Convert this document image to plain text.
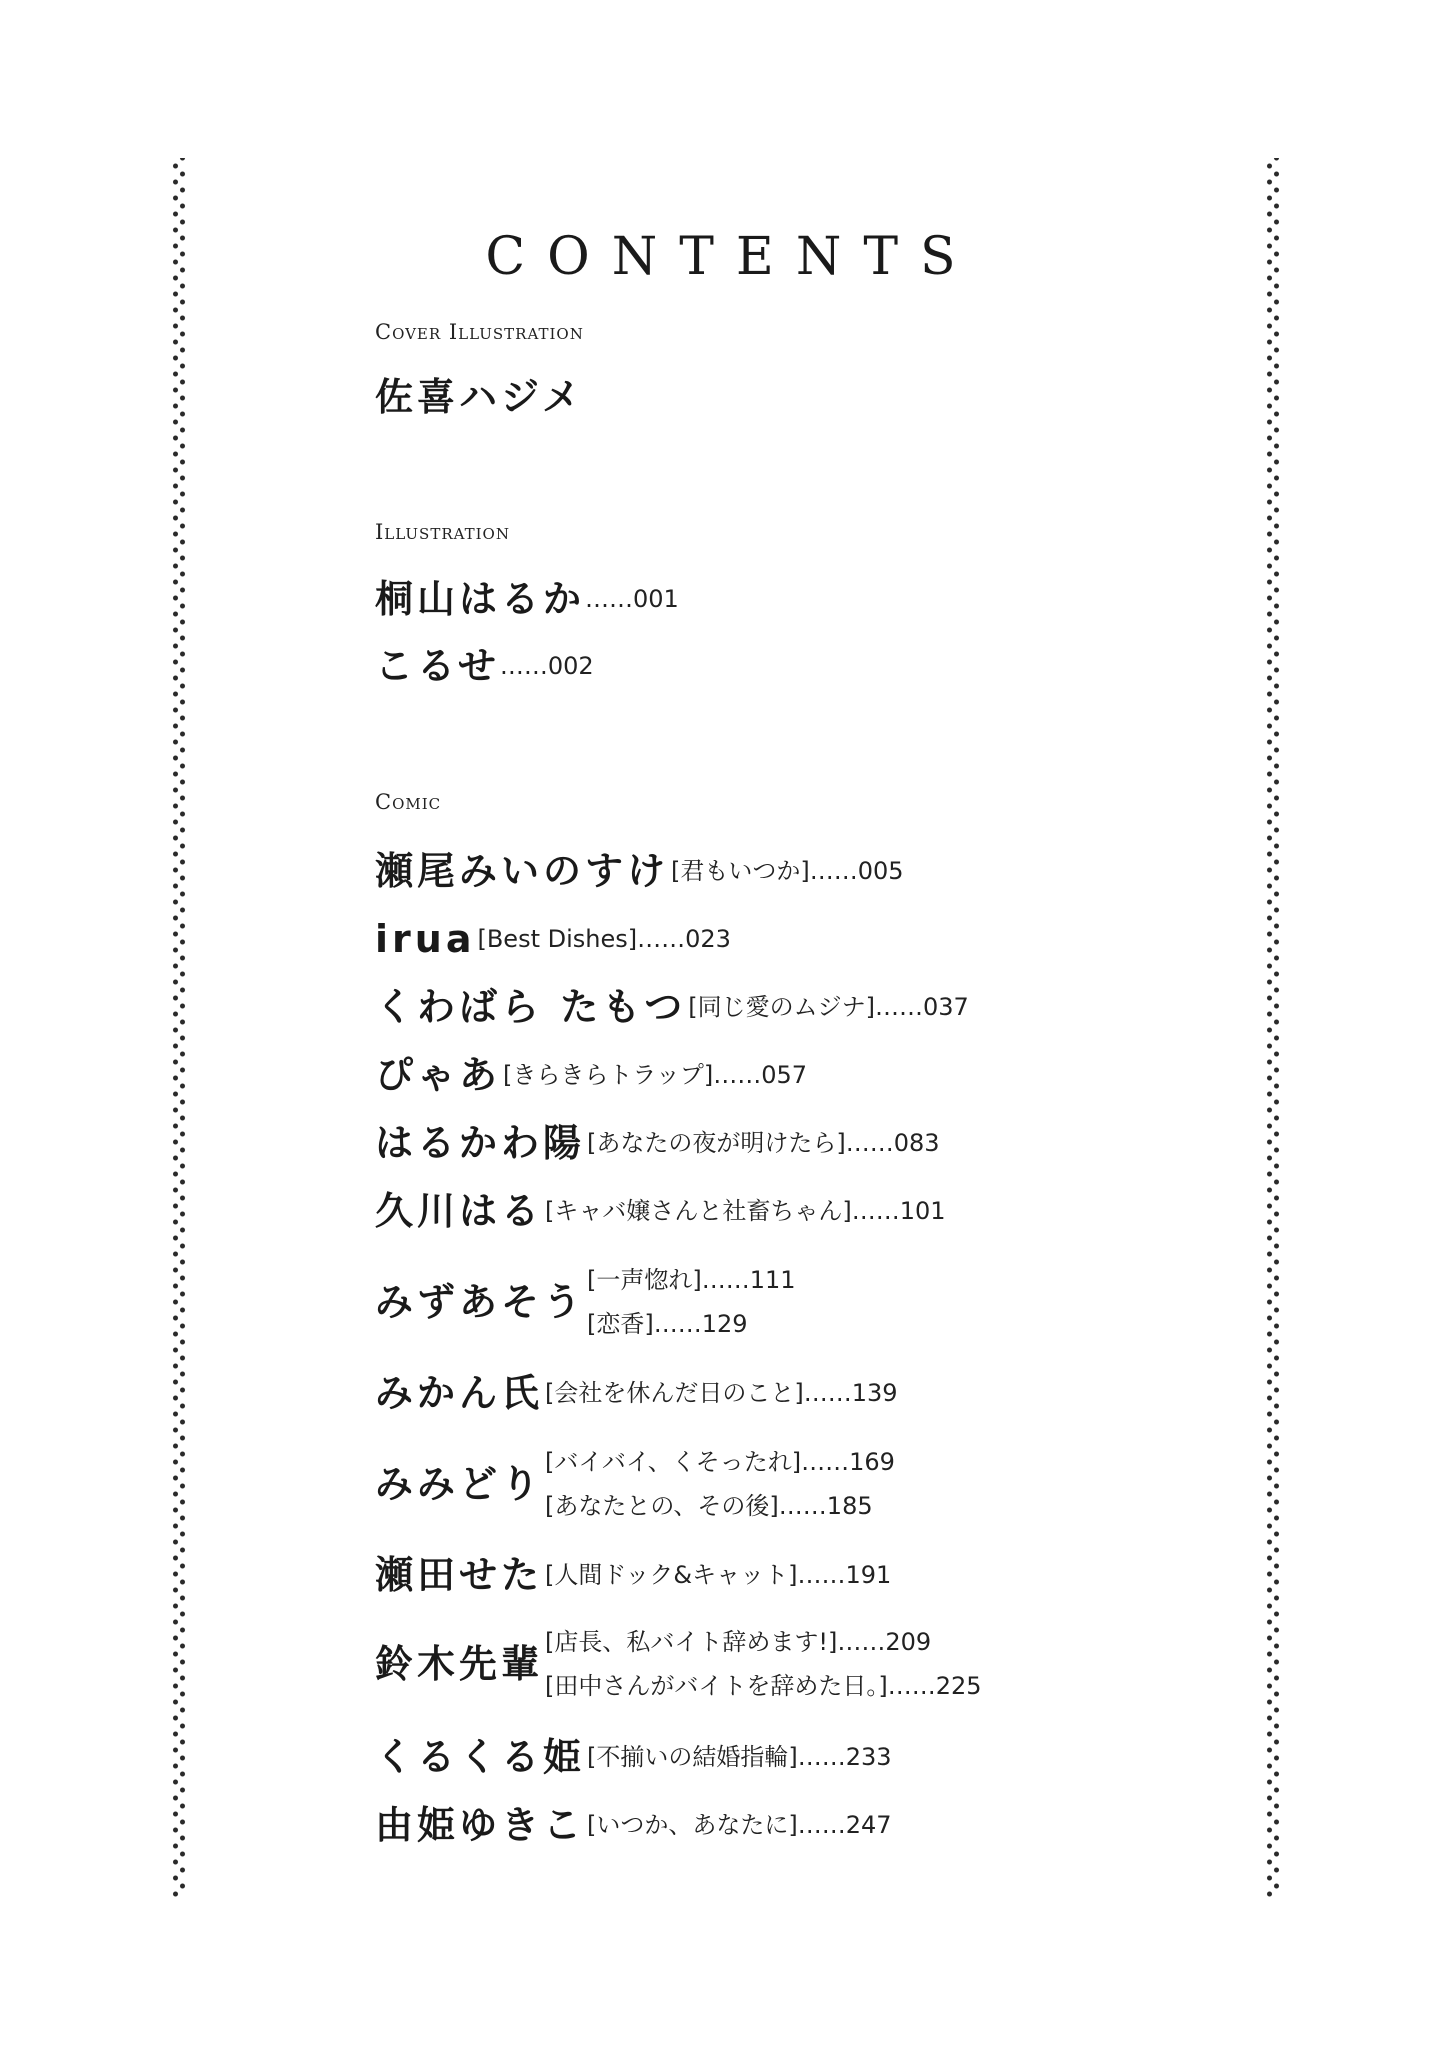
CONTENTS
Cover Illustration
佐喜ハジメ
Illustration
桐山はるか …… 001
こるせ …… 002
Comic
瀬尾みいのすけ [君もいつか] …… 005
irua [Best Dishes] …… 023
くわばら たもつ [同じ愛のムジナ] …… 037
ぴゃあ [きらきらトラップ] …… 057
はるかわ陽 [あなたの夜が明けたら] …… 083
久川はる [キャバ嬢さんと社畜ちゃん] …… 101
みずあそう [一声惚れ] …… 111
[恋香] …… 129
みかん氏 [会社を休んだ日のこと] …… 139
みみどり [バイバイ、くそったれ] …… 169
[あなたとの、その後] …… 185
瀬田せた [人間ドック&キャット] …… 191
鈴木先輩 [店長、私バイト辞めます!] …… 209
[田中さんがバイトを辞めた日。] …… 225
くるくる姫 [不揃いの結婚指輪] …… 233
由姫ゆきこ [いつか、あなたに] …… 247
